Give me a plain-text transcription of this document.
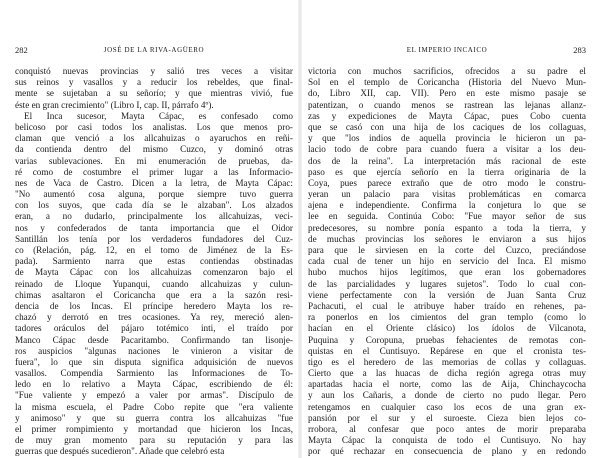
282	JOSÉ DE LA RIVA-AGÜERO
conquistó nuevas provincias y salió tres veces a visitar
sus reinos y vasallos y a reducir los rebeldes, que final-
mente se sujetaban a su señorío; y que mientras vivió, fue
éste en gran crecimiento" (Libro I, cap. II, párrafo 4º).
El Inca sucesor, Mayta Cápac, es confesado como
belicoso por casi todos los analistas. Los que menos pro-
claman que venció a los allcahuizas o ayaruchos en reñi-
da contienda dentro del mismo Cuzco, y dominó otras
varias sublevaciones. En mi enumeración de pruebas, da-
ré como de costumbre el primer lugar a las Informacio-
nes de Vaca de Castro. Dicen a la letra, de Mayta Cápac:
"No aumentó cosa alguna, porque siempre tuvo guerra
con los suyos, que cada día se le alzaban". Los alzados
eran, a no dudarlo, principalmente los allcahuizas, veci-
nos y confederados de tanta importancia que el Oidor
Santillán los tenía por los verdaderos fundadores del Cuz-
co (Relación, pág. 12, en el tomo de Jiménez de la Es-
pada). Sarmiento narra que estas contiendas obstinadas
de Mayta Cápac con los allcahuizas comenzaron bajo el
reinado de Lloque Yupanqui, cuando allcahuizas y culun-
chimas asaltaron el Coricancha que era a la sazón resi-
dencia de los Incas. El príncipe heredero Mayta los re-
chazó y derrotó en tres ocasiones. Ya rey, mereció alen-
tadores oráculos del pájaro totémico inti, el traído por
Manco Cápac desde Pacaritambo. Confirmando tan lisonje-
ros auspicios "algunas naciones le vinieron a visitar de
fuera", lo que sin disputa significa adquisición de nuevos
vasallos. Compendia Sarmiento las Informaciones de To-
ledo en lo relativo a Mayta Cápac, escribiendo de él:
"Fue valiente y empezó a valer por armas". Discípulo de
la misma escuela, el Padre Cobo repite que "era valiente
y animoso" y que su guerra contra los allcahuizas "fue
el primer rompimiento y mortandad que hicieron los Incas,
de muy gran momento para su reputación y para las
guerras que después sucedieron". Añade que celebró esta
EL IMPERIO INCAICO	283
victoria con muchos sacrificios, ofrecidos a su padre el
Sol en el templo de Coricancha (Historia del Nuevo Mun-
do, Libro XII, cap. VII). Pero en este mismo pasaje se
patentizan, o cuando menos se rastrean las lejanas allanz-
zas y expediciones de Mayta Cápac, pues Cobo cuenta
que se casó con una hija de los caciques de los collaguas,
y que "los indios de aquella provincia le hicieron un pa-
lacio todo de cobre para cuando fuera a visitar a los deu-
dos de la reina". La interpretación más racional de este
paso es que ejercía señorío en la tierra originaria de la
Coya, pues parece extraño que de otro modo le constru-
yeran un palacio para visitas problemáticas en comarca
ajena e independiente. Confirma la conjetura lo que se
lee en seguida. Continúa Cobo: "Fue mayor señor de sus
predecesores, su nombre ponía espanto a toda la tierra, y
de muchas provincias los señores le enviaron a sus hijos
para que le sirviesen en la corte del Cuzco, preciándose
cada cual de tener un hijo en servicio del Inca. El mismo
hubo muchos hijos legítimos, que eran los gobernadores
de las parcialidades y lugares sujetos". Todo lo cual con-
viene perfectamente con la versión de Juan Santa Cruz
Pachacuti, el cual le atribuye haber traído en rehenes, pa-
ra ponerlos en los cimientos del gran templo (como lo
hacían en el Oriente clásico) los ídolos de Vilcanota,
Puquina y Coropuna, pruebas fehacientes de remotas con-
quistas en el Cuntisuyo. Repárese en que el cronista tes-
tigo es el heredero de las memorias de collas y collaguas.
Cierto que a las huacas de dicha región agrega otras muy
apartadas hacia el norte, como las de Aija, Chinchaycocha
y aun los Cañaris, a donde de cierto no pudo llegar. Pero
retengamos en cualquier caso los ecos de una gran ex-
pansión por el sur y el suroeste. Cieza bien lejos co-
rrobora, al confesar que poco antes de morir preparaba
Mayta Cápac la conquista de todo el Cuntisuyo. No hay
por qué rechazar en consecuencia de plano y en redondo
